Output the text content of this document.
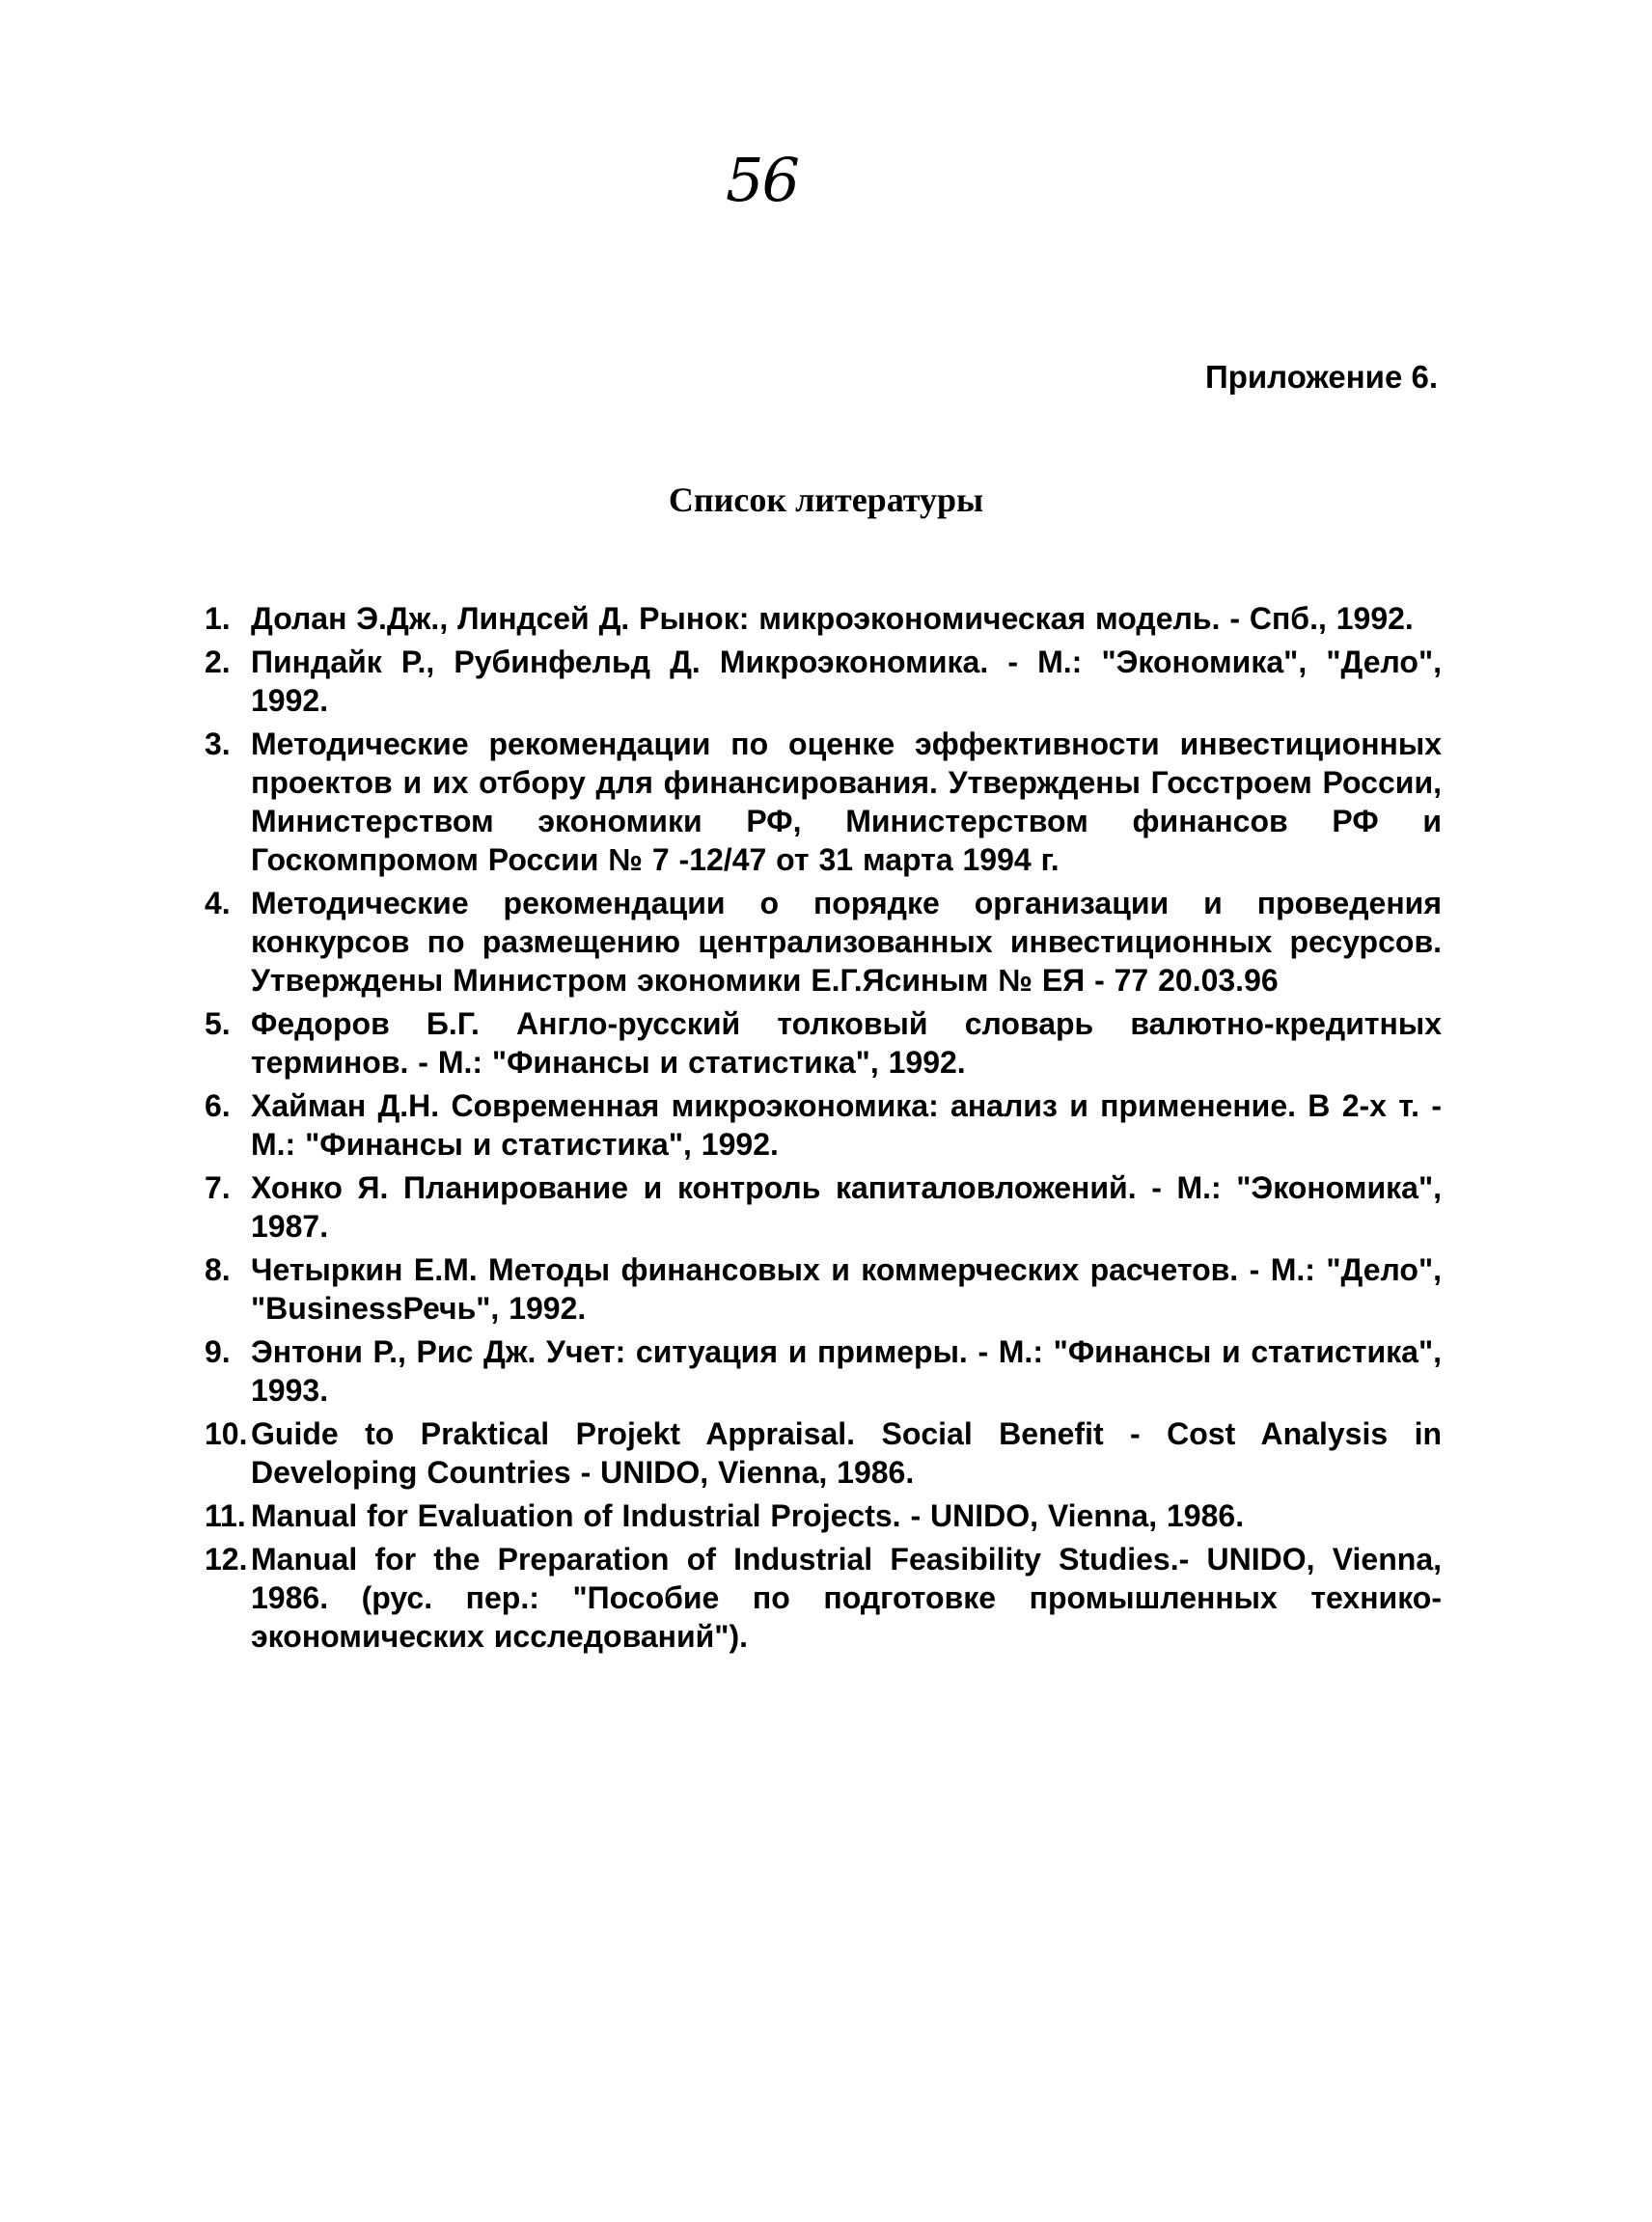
56
Приложение 6.
Список литературы
1. Долан Э.Дж., Линдсей Д. Рынок: микроэкономическая модель. - Спб., 1992.
2. Пиндайк Р., Рубинфельд Д. Микроэкономика. - М.: "Экономика", "Дело", 1992.
3. Методические рекомендации по оценке эффективности инвестиционных проектов и их отбору для финансирования. Утверждены Госстроем России, Министерством экономики РФ, Министерством финансов РФ и Госкомпромом России № 7 -12/47 от 31 марта 1994 г.
4. Методические рекомендации о порядке организации и проведения конкурсов по размещению централизованных инвестиционных ресурсов. Утверждены Министром экономики Е.Г.Ясиным № ЕЯ - 77 20.03.96
5. Федоров Б.Г. Англо-русский толковый словарь валютно-кредитных терминов. - М.: "Финансы и статистика", 1992.
6. Хайман Д.Н. Современная микроэкономика: анализ и применение. В 2-х т. - М.: "Финансы и статистика", 1992.
7. Хонко Я. Планирование и контроль капиталовложений. - М.: "Экономика", 1987.
8. Четыркин Е.М. Методы финансовых и коммерческих расчетов. - М.: "Дело", "BusinessРечь", 1992.
9. Энтони Р., Рис Дж. Учет: ситуация и примеры. - М.: "Финансы и статистика", 1993.
10. Guide to Praktical Projekt Appraisal. Social Benefit - Cost Analysis in Developing Countries - UNIDO, Vienna, 1986.
11. Manual for Evaluation of Industrial Projects. - UNIDO, Vienna, 1986.
12. Manual for the Preparation of Industrial Feasibility Studies.- UNIDO, Vienna, 1986. (рус. пер.: "Пособие по подготовке промышленных технико-экономических исследований").
